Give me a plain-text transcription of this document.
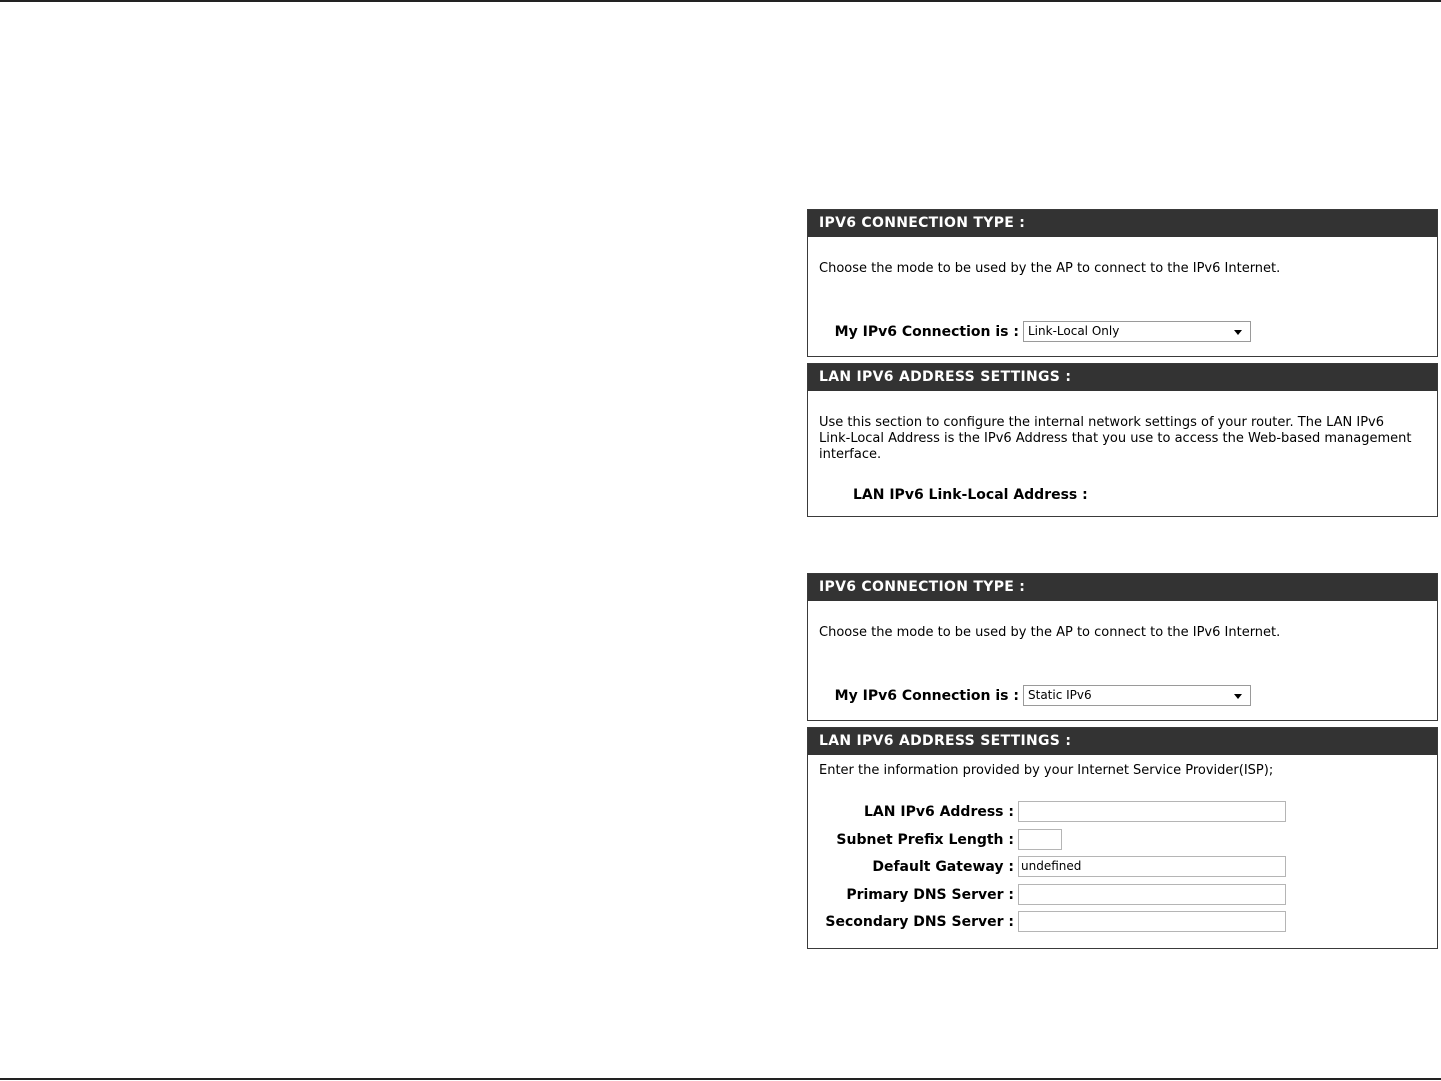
IPV6 CONNECTION TYPE :
Choose the mode to be used by the AP to connect to the IPv6 Internet.
My IPv6 Connection is : Link-Local Only
LAN IPV6 ADDRESS SETTINGS :
Use this section to configure the internal network settings of your router. The LAN IPv6 Link-Local Address is the IPv6 Address that you use to access the Web-based management interface.
LAN IPv6 Link-Local Address :
IPV6 CONNECTION TYPE :
Choose the mode to be used by the AP to connect to the IPv6 Internet.
My IPv6 Connection is : Static IPv6
LAN IPV6 ADDRESS SETTINGS :
Enter the information provided by your Internet Service Provider(ISP);
LAN IPv6 Address :
Subnet Prefix Length :
Default Gateway : undefined
Primary DNS Server :
Secondary DNS Server :
